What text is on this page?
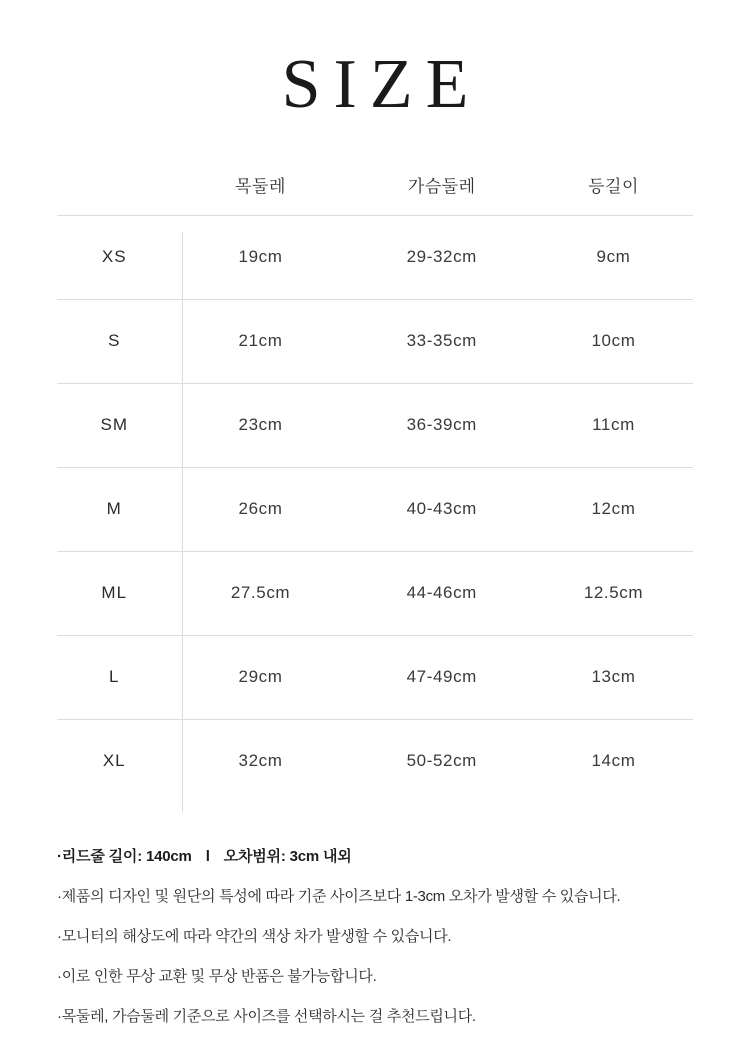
SIZE
	목둘레	가슴둘레	등길이
XS	19cm	29-32cm	9cm
S	21cm	33-35cm	10cm
SM	23cm	36-39cm	11cm
M	26cm	40-43cm	12cm
ML	27.5cm	44-46cm	12.5cm
L	29cm	47-49cm	13cm
XL	32cm	50-52cm	14cm
·리드줄 길이: 140cm l 오차범위: 3cm 내외
·제품의 디자인 및 원단의 특성에 따라 기준 사이즈보다 1-3cm 오차가 발생할 수 있습니다.
·모니터의 해상도에 따라 약간의 색상 차가 발생할 수 있습니다.
·이로 인한 무상 교환 및 무상 반품은 불가능합니다.
·목둘레, 가슴둘레 기준으로 사이즈를 선택하시는 걸 추천드립니다.
